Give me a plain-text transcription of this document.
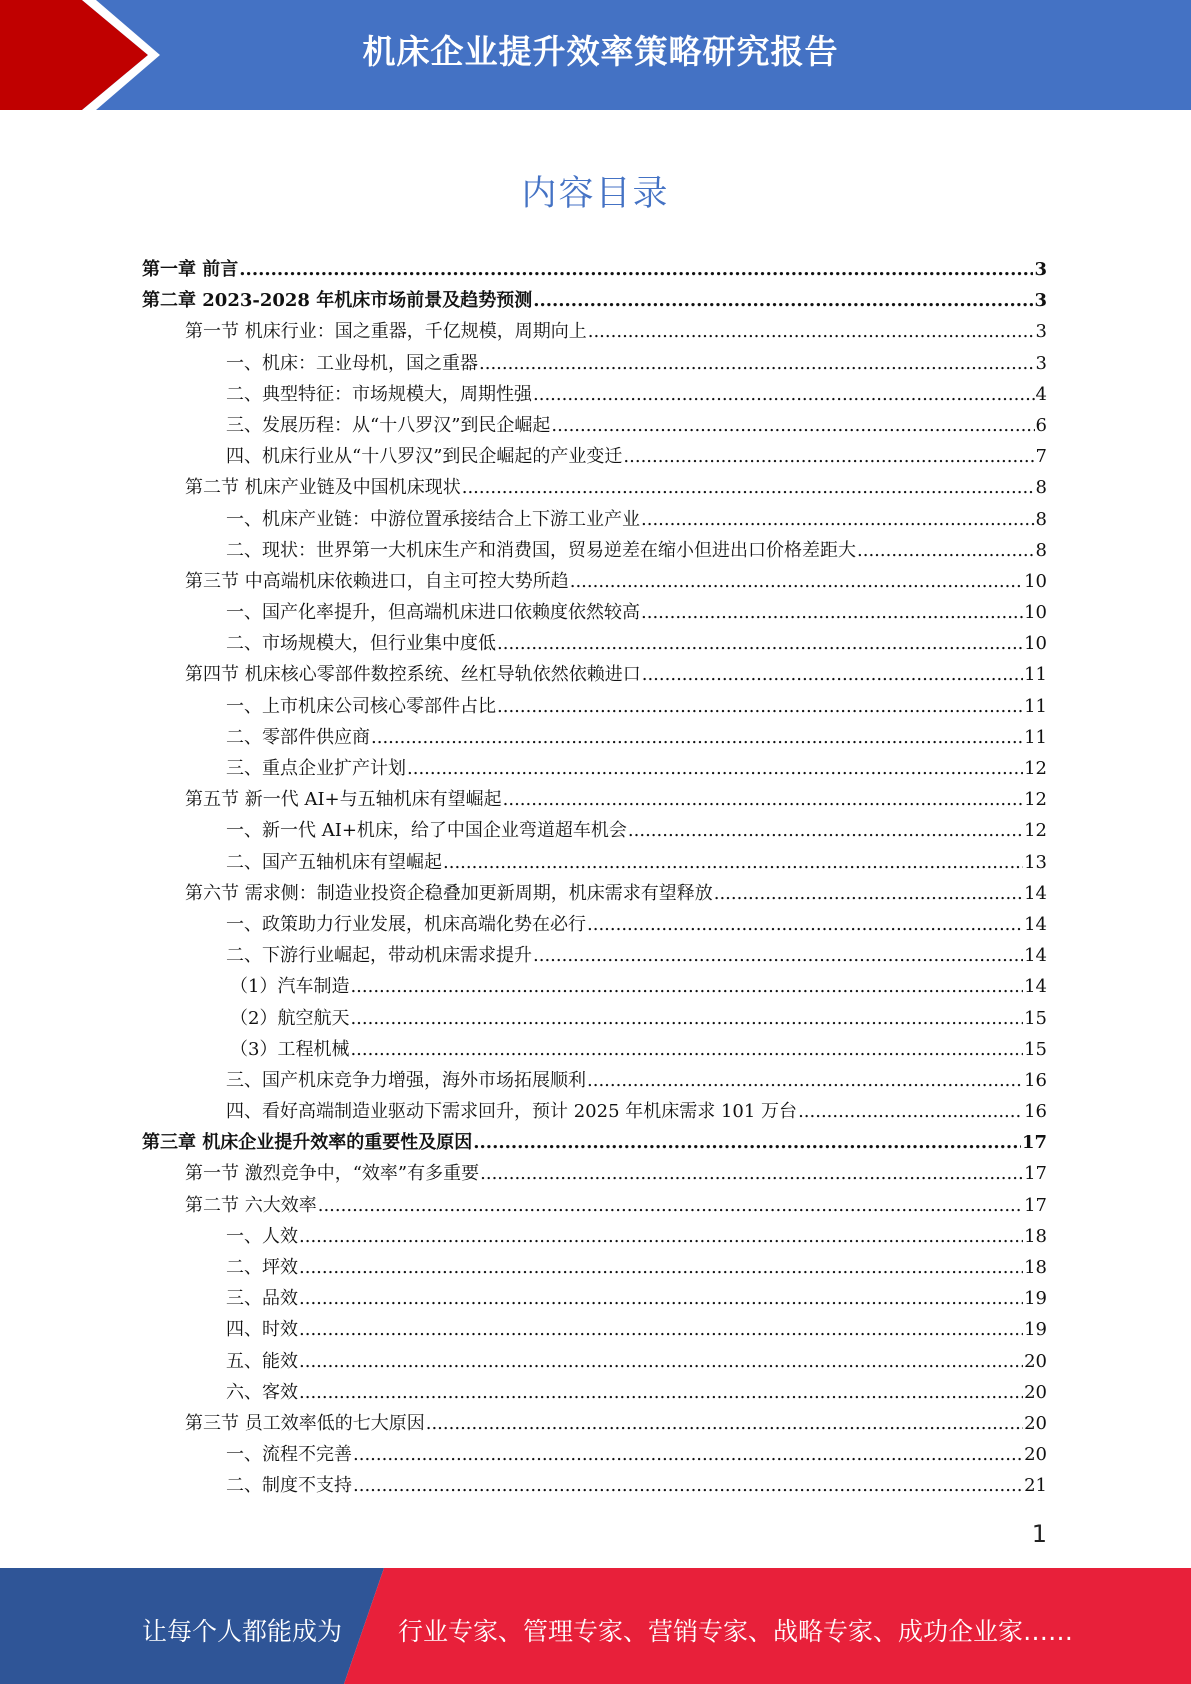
机床企业提升效率策略研究报告
内容目录
第一章 前言 .....	3
第二章 2023-2028 年机床市场前景及趋势预测 .....	3
第一节 机床行业：国之重器，千亿规模，周期向上 .....	3
一、机床：工业母机，国之重器 .....	3
二、典型特征：市场规模大，周期性强 .....	4
三、发展历程：从“十八罗汉”到民企崛起 .....	6
四、机床行业从“十八罗汉”到民企崛起的产业变迁 .....	7
第二节 机床产业链及中国机床现状 .....	8
一、机床产业链：中游位置承接结合上下游工业产业 .....	8
二、现状：世界第一大机床生产和消费国，贸易逆差在缩小但进出口价格差距大 .....	8
第三节 中高端机床依赖进口，自主可控大势所趋 .....	10
一、国产化率提升，但高端机床进口依赖度依然较高 .....	10
二、市场规模大，但行业集中度低 .....	10
第四节 机床核心零部件数控系统、丝杠导轨依然依赖进口 .....	11
一、上市机床公司核心零部件占比 .....	11
二、零部件供应商 .....	11
三、重点企业扩产计划 .....	12
第五节 新一代 AI+与五轴机床有望崛起 .....	12
一、新一代 AI+机床，给了中国企业弯道超车机会 .....	12
二、国产五轴机床有望崛起 .....	13
第六节 需求侧：制造业投资企稳叠加更新周期，机床需求有望释放 .....	14
一、政策助力行业发展，机床高端化势在必行 .....	14
二、下游行业崛起，带动机床需求提升 .....	14
（1）汽车制造 .....	14
（2）航空航天 .....	15
（3）工程机械 .....	15
三、国产机床竞争力增强，海外市场拓展顺利 .....	16
四、看好高端制造业驱动下需求回升，预计 2025 年机床需求 101 万台 .....	16
第三章 机床企业提升效率的重要性及原因 .....	17
第一节 激烈竞争中，“效率”有多重要 .....	17
第二节 六大效率 .....	17
一、人效 .....	18
二、坪效 .....	18
三、品效 .....	19
四、时效 .....	19
五、能效 .....	20
六、客效 .....	20
第三节 员工效率低的七大原因 .....	20
一、流程不完善 .....	20
二、制度不支持 .....	21
1
让每个人都能成为 行业专家、管理专家、营销专家、战略专家、成功企业家……
